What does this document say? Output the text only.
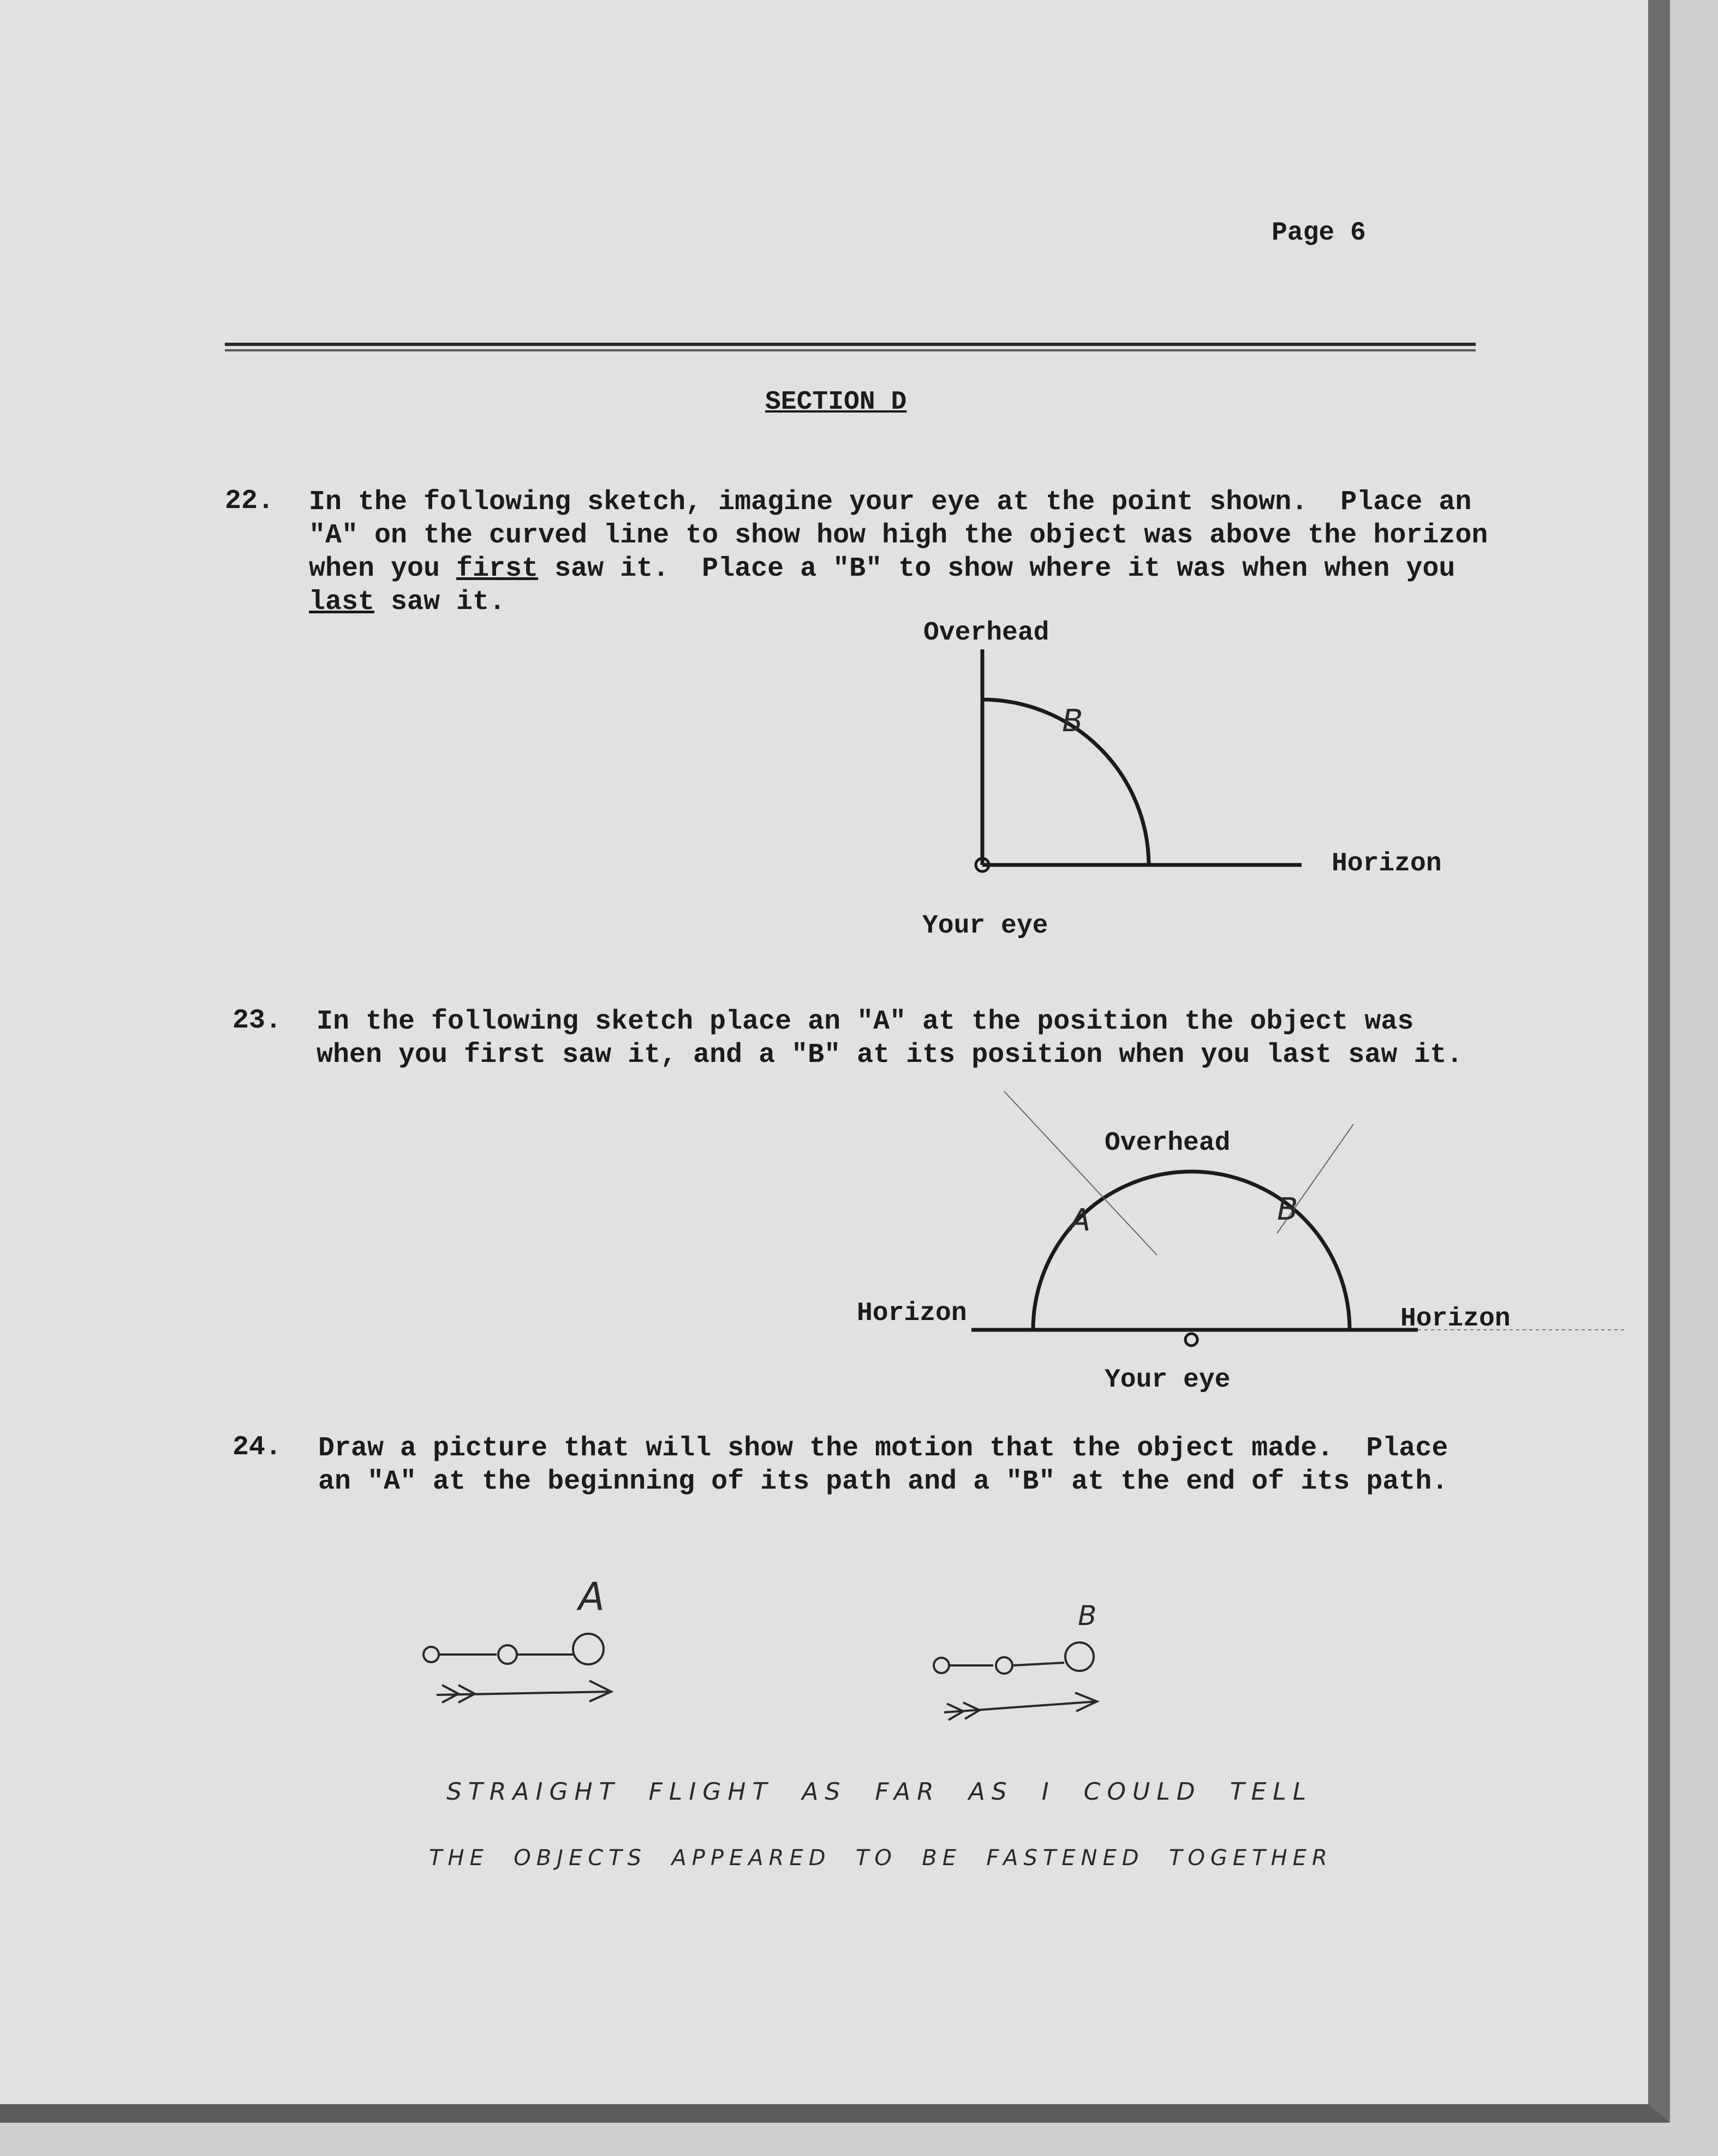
Page 6
SECTION D
22. In the following sketch, imagine your eye at the point shown.  Place an
"A" on the curved line to show how high the object was above the horizon
when you first saw it.  Place a "B" to show where it was when when you
last saw it.
Overhead
Horizon
Your eye
B
A	B
A	B
23. In the following sketch place an "A" at the position the object was
when you first saw it, and a "B" at its position when you last saw it.
Overhead
Horizon	Horizon
Your eye
24. Draw a picture that will show the motion that the object made.  Place
an "A" at the beginning of its path and a "B" at the end of its path.
STRAIGHT  FLIGHT  AS  FAR  AS  I  COULD  TELL
THE  OBJECTS  APPEARED  TO  BE  FASTENED  TOGETHER
